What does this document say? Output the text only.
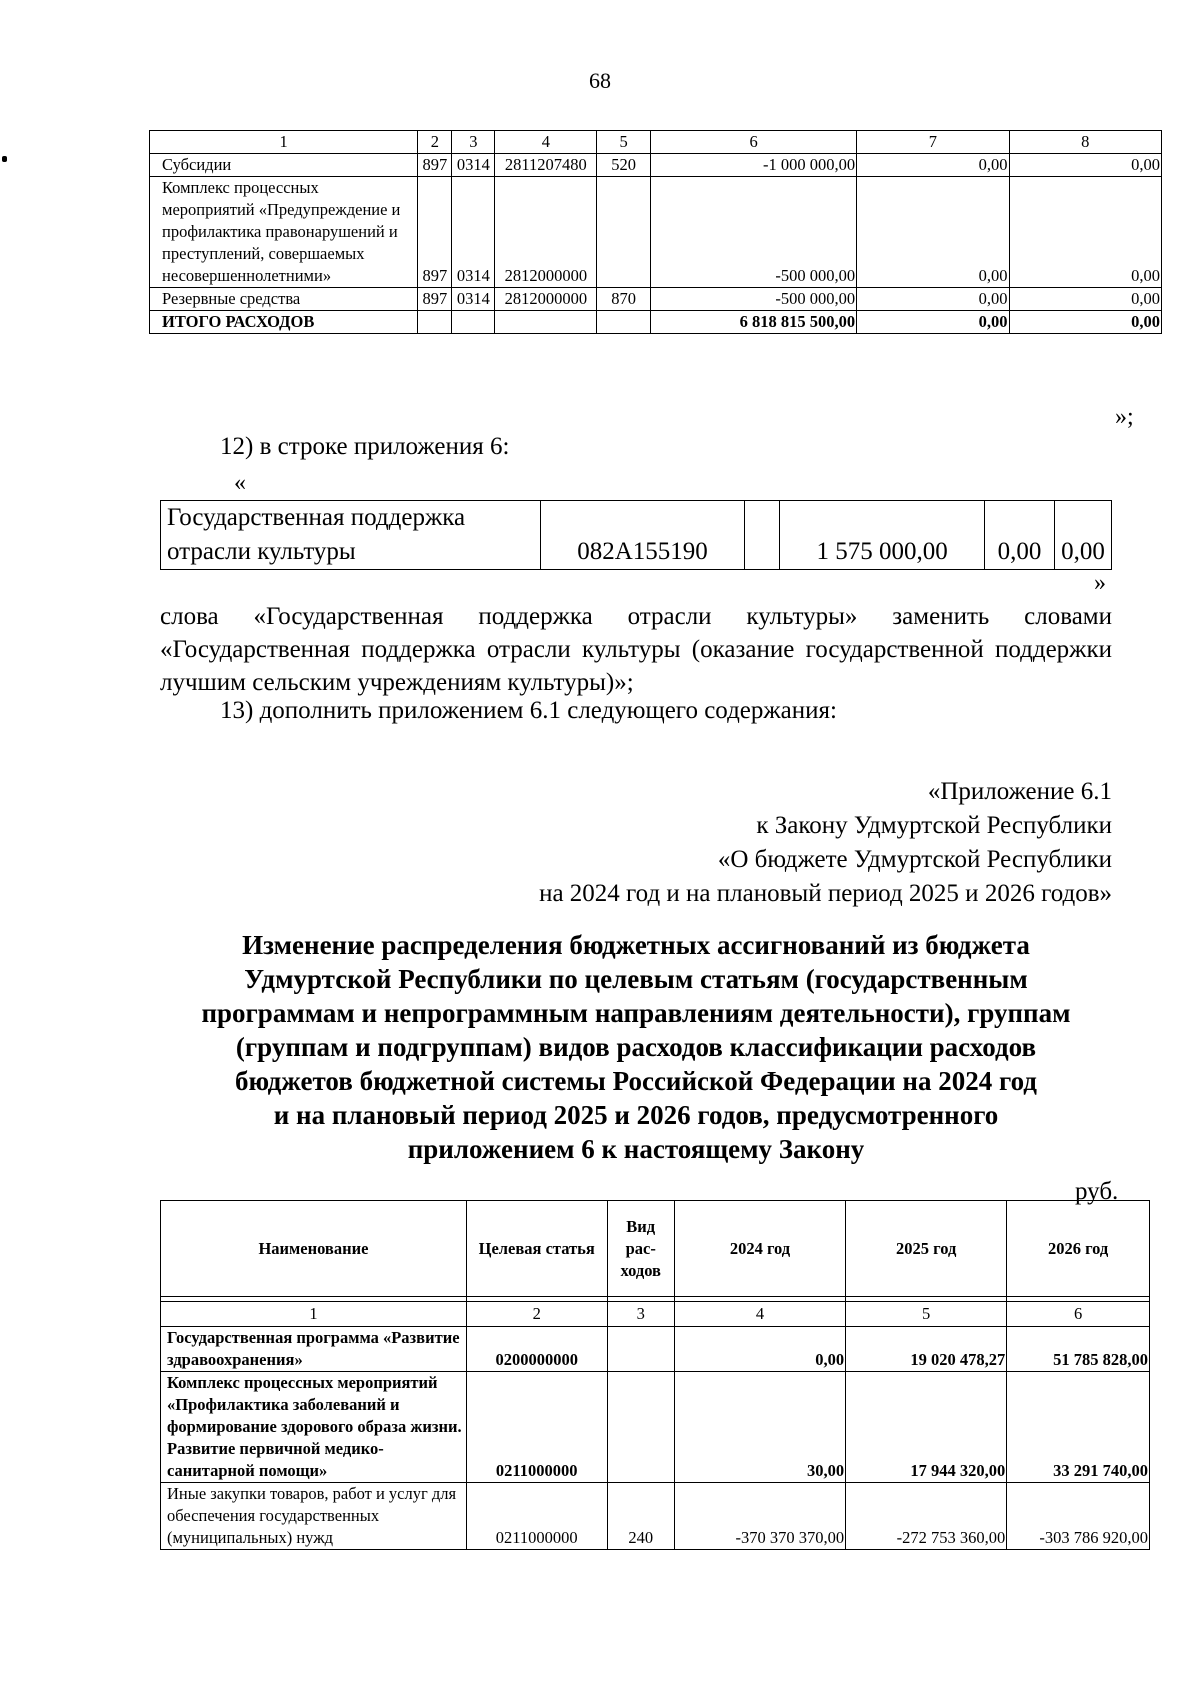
68
1	2	3	4	5	6	7	8
Субсидии	897	0314	2811207480	520	-1 000 000,00	0,00	0,00
Комплекс процессных мероприятий «Предупреждение и профилактика правонарушений и преступлений, совершаемых несовершеннолетними»	897	0314	2812000000		-500 000,00	0,00	0,00
Резервные средства	897	0314	2812000000	870	-500 000,00	0,00	0,00
ИТОГО РАСХОДОВ					6 818 815 500,00	0,00	0,00
»;
12) в строке приложения 6:
«
Государственная поддержка отрасли культуры	082A155190		1 575 000,00	0,00	0,00
»
слова «Государственная поддержка отрасли культуры» заменить словами «Государственная поддержка отрасли культуры (оказание государственной поддержки лучшим сельским учреждениям культуры)»;
13) дополнить приложением 6.1 следующего содержания:
«Приложение 6.1
к Закону Удмуртской Республики
«О бюджете Удмуртской Республики
на 2024 год и на плановый период 2025 и 2026 годов»
Изменение распределения бюджетных ассигнований из бюджета
Удмуртской Республики по целевым статьям (государственным
программам и непрограммным направлениям деятельности), группам
(группам и подгруппам) видов расходов классификации расходов
бюджетов бюджетной системы Российской Федерации на 2024 год
и на плановый период 2025 и 2026 годов, предусмотренного
приложением 6 к настоящему Закону
руб.
Наименование	Целевая статья	Вид рас-ходов	2024 год	2025 год	2026 год

1	2	3	4	5	6
Государственная программа «Развитие здравоохранения»	0200000000		0,00	19 020 478,27	51 785 828,00
Комплекс процессных мероприятий «Профилактика заболеваний и формирование здорового образа жизни. Развитие первичной медико-санитарной помощи»	0211000000		30,00	17 944 320,00	33 291 740,00
Иные закупки товаров, работ и услуг для обеспечения государственных (муниципальных) нужд	0211000000	240	-370 370 370,00	-272 753 360,00	-303 786 920,00
